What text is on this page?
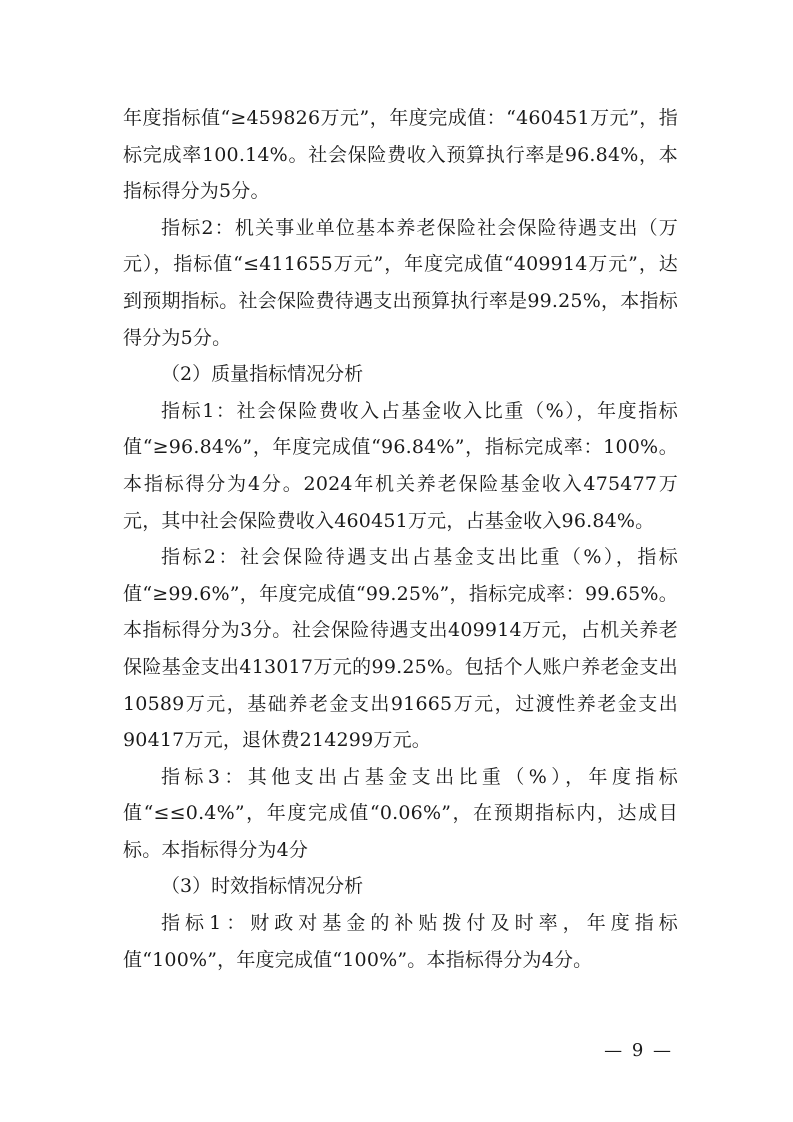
年度指标值“≥459826万元”，年度完成值：“460451万元”，指标完成率100.14%。社会保险费收入预算执行率是96.84%，本指标得分为5分。

指标2：机关事业单位基本养老保险社会保险待遇支出（万元），指标值“≤411655万元”，年度完成值“409914万元”，达到预期指标。社会保险费待遇支出预算执行率是99.25%，本指标得分为5分。

（2）质量指标情况分析

指标1：社会保险费收入占基金收入比重（%），年度指标值“≥96.84%”，年度完成值“96.84%”，指标完成率：100%。本指标得分为4分。2024年机关养老保险基金收入475477万元，其中社会保险费收入460451万元，占基金收入96.84%。

指标2：社会保险待遇支出占基金支出比重（%），指标值“≥99.6%”，年度完成值“99.25%”，指标完成率：99.65%。本指标得分为3分。社会保险待遇支出409914万元，占机关养老保险基金支出413017万元的99.25%。包括个人账户养老金支出10589万元，基础养老金支出91665万元，过渡性养老金支出90417万元，退休费214299万元。

指标3：其他支出占基金支出比重（%），年度指标值“≤≤0.4%”，年度完成值“0.06%”，在预期指标内，达成目标。本指标得分为4分

（3）时效指标情况分析

指标1：财政对基金的补贴拨付及时率，年度指标值“100%”，年度完成值“100%”。本指标得分为4分。

— 9 —
